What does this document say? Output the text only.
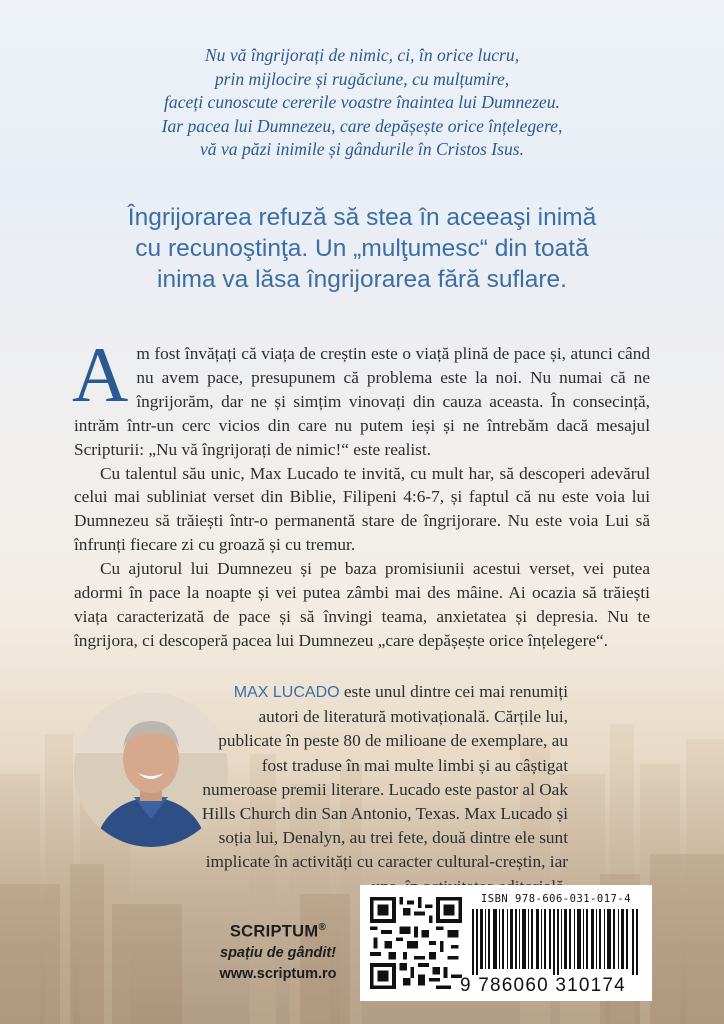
Nu vă îngrijorați de nimic, ci, în orice lucru,
prin mijlocire și rugăciune, cu mulțumire,
faceți cunoscute cererile voastre înaintea lui Dumnezeu.
Iar pacea lui Dumnezeu, care depășește orice înțelegere,
vă va păzi inimile și gândurile în Cristos Isus.
Îngrijorarea refuză să stea în aceeaşi inimă
cu recunoştinţa. Un „mulţumesc“ din toată
inima va lăsa îngrijorarea fără suflare.

Am fost învățați că viața de creștin este o viață plină de pace și, atunci când nu avem pace, presupunem că problema este la noi. Nu numai că ne îngrijorăm, dar ne și simțim vinovați din cauza aceasta. În consecință, intrăm într-un cerc vicios din care nu putem ieși și ne întrebăm dacă mesajul Scripturii: „Nu vă îngrijorați de nimic!“ este realist.

Cu talentul său unic, Max Lucado te invită, cu mult har, să descoperi adevărul celui mai subliniat verset din Biblie, Filipeni 4:6-7, și faptul că nu este voia lui Dumnezeu să trăiești într-o permanentă stare de îngrijorare. Nu este voia Lui să înfrunți fiecare zi cu groază și cu tremur.

Cu ajutorul lui Dumnezeu și pe baza promisiunii acestui verset, vei putea adormi în pace la noapte și vei putea zâmbi mai des mâine. Ai ocazia să trăiești viața caracterizată de pace și să învingi teama, anxietatea și depresia. Nu te îngrijora, ci descoperă pacea lui Dumnezeu „care depășește orice înțelegere“.

MAX LUCADO este unul dintre cei mai renumiți autori de literatură motivațională. Cărțile lui, publicate în peste 80 de milioane de exemplare, au fost traduse în mai multe limbi și au câștigat numeroase premii literare. Lucado este pastor al Oak Hills Church din San Antonio, Texas. Max Lucado și soția lui, Denalyn, au trei fete, două dintre ele sunt implicate în activități cu caracter cultural-creștin, iar
SCRIPTUM®
spațiu de gândit!
www.scriptum.ro
ISBN 978-606-031-017-4
9 786060 310174
